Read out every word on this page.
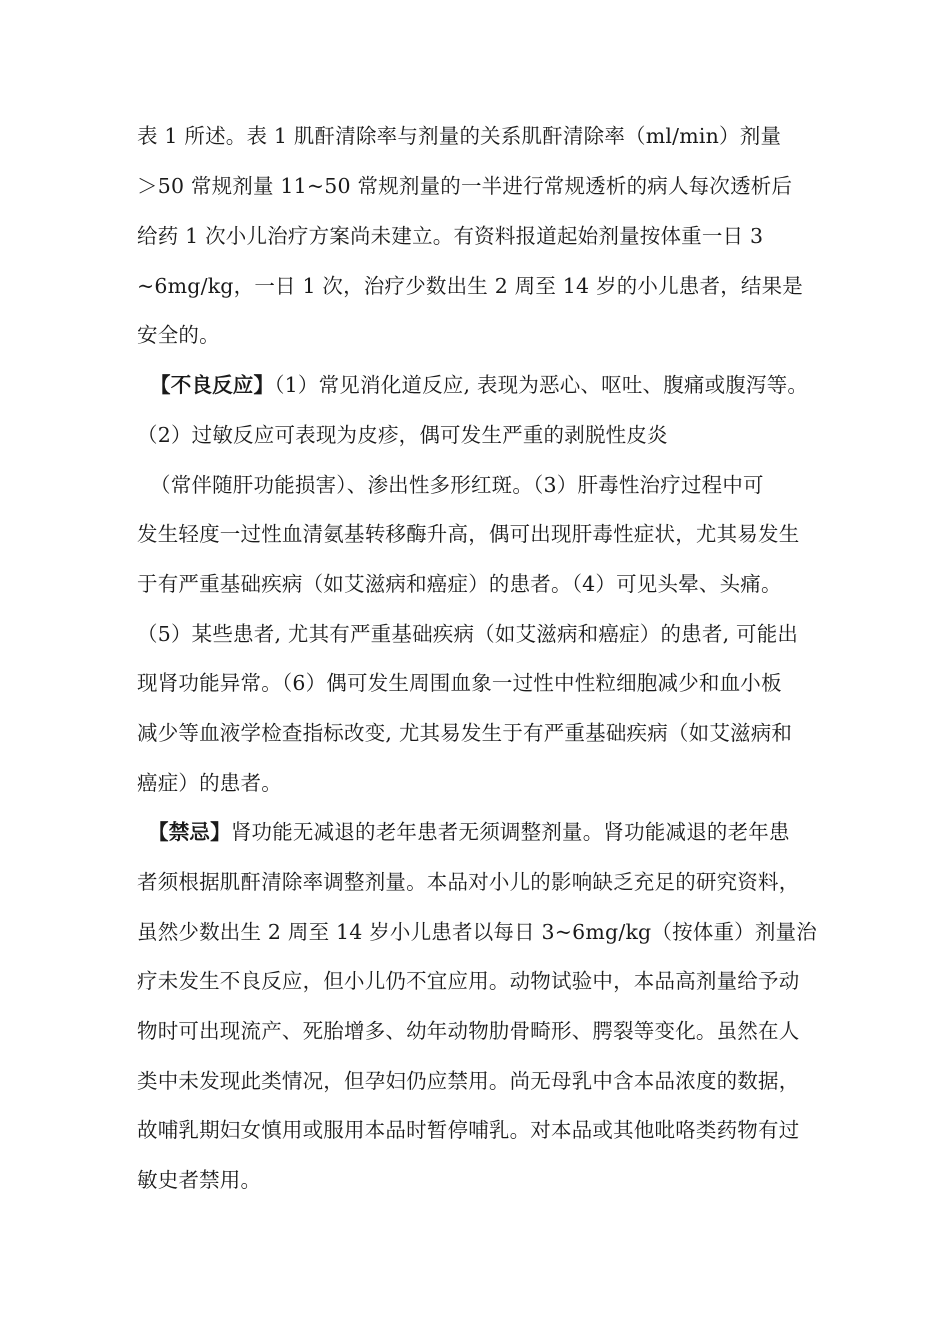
表 1 所述。表 1 肌酐清除率与剂量的关系肌酐清除率（ml/min）剂量
＞50 常规剂量 11~50 常规剂量的一半进行常规透析的病人每次透析后
给药 1 次小儿治疗方案尚未建立。有资料报道起始剂量按体重一日 3
~6mg/kg，一日 1 次，治疗少数出生 2 周至 14 岁的小儿患者，结果是
安全的。
【不良反应】（1）常见消化道反应, 表现为恶心、呕吐、腹痛或腹泻等。
（2）过敏反应可表现为皮疹，偶可发生严重的剥脱性皮炎
（常伴随肝功能损害）、渗出性多形红斑。（3）肝毒性治疗过程中可
发生轻度一过性血清氨基转移酶升高，偶可出现肝毒性症状，尤其易发生
于有严重基础疾病（如艾滋病和癌症）的患者。（4）可见头晕、头痛。
（5）某些患者, 尤其有严重基础疾病（如艾滋病和癌症）的患者, 可能出
现肾功能异常。（6）偶可发生周围血象一过性中性粒细胞减少和血小板
减少等血液学检查指标改变, 尤其易发生于有严重基础疾病（如艾滋病和
癌症）的患者。
【禁忌】肾功能无减退的老年患者无须调整剂量。肾功能减退的老年患
者须根据肌酐清除率调整剂量。本品对小儿的影响缺乏充足的研究资料，
虽然少数出生 2 周至 14 岁小儿患者以每日 3~6mg/kg（按体重）剂量治
疗未发生不良反应，但小儿仍不宜应用。动物试验中，本品高剂量给予动
物时可出现流产、死胎增多、幼年动物肋骨畸形、腭裂等变化。虽然在人
类中未发现此类情况，但孕妇仍应禁用。尚无母乳中含本品浓度的数据，
故哺乳期妇女慎用或服用本品时暂停哺乳。对本品或其他吡咯类药物有过
敏史者禁用。
